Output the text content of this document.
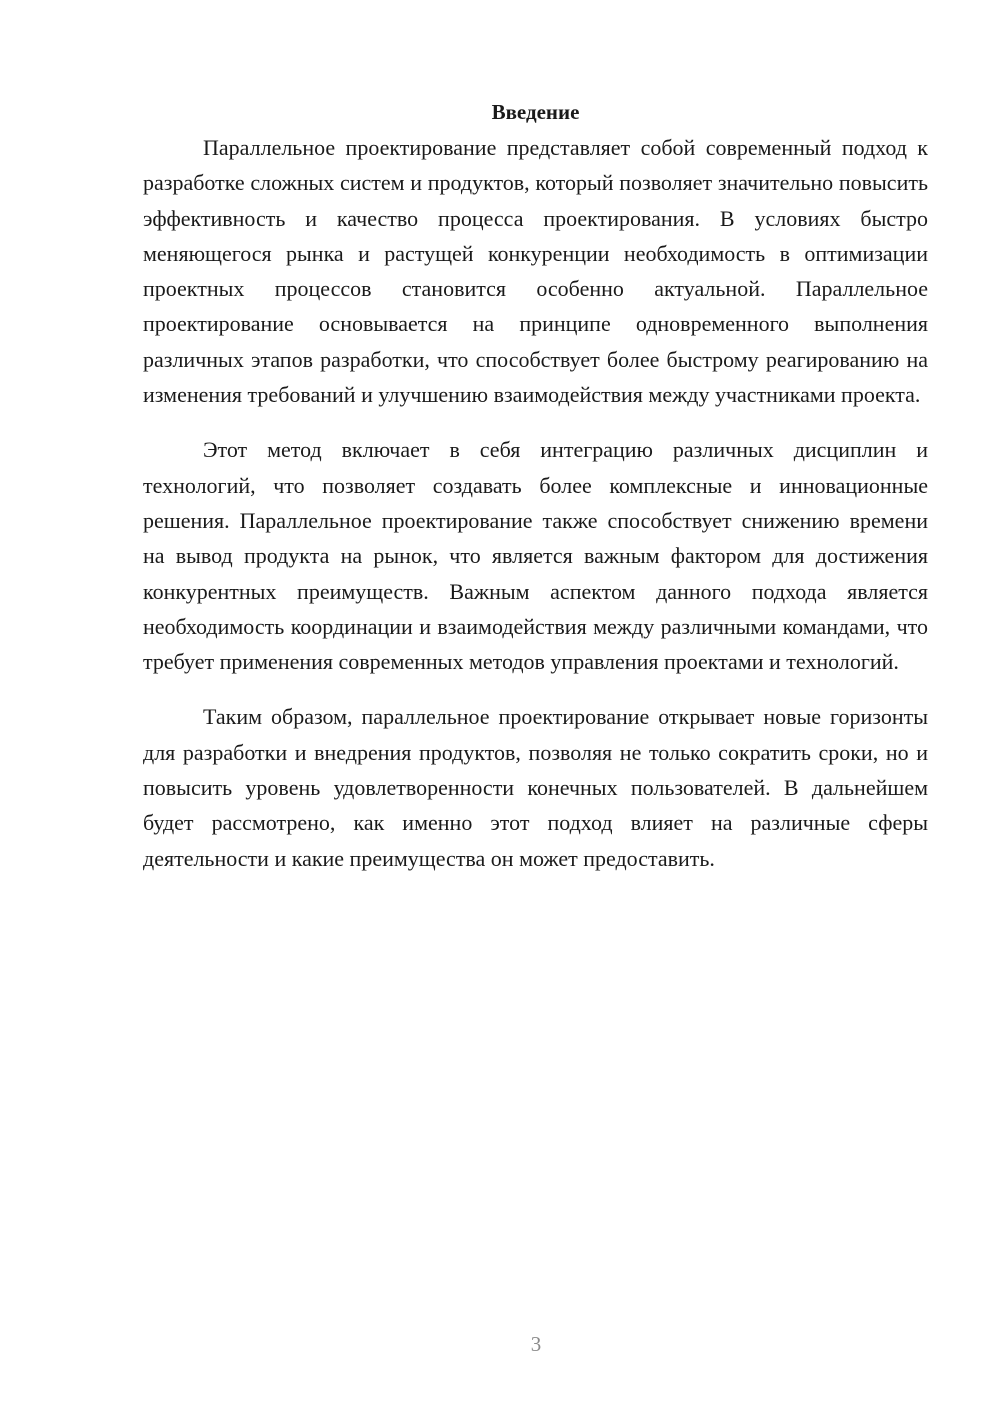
Введение

Параллельное проектирование представляет собой современный подход к разработке сложных систем и продуктов, который позволяет значительно повысить эффективность и качество процесса проектирования. В условиях быстро меняющегося рынка и растущей конкуренции необходимость в оптимизации проектных процессов становится особенно актуальной. Параллельное проектирование основывается на принципе одновременного выполнения различных этапов разработки, что способствует более быстрому реагированию на изменения требований и улучшению взаимодействия между участниками проекта.

Этот метод включает в себя интеграцию различных дисциплин и технологий, что позволяет создавать более комплексные и инновационные решения. Параллельное проектирование также способствует снижению времени на вывод продукта на рынок, что является важным фактором для достижения конкурентных преимуществ. Важным аспектом данного подхода является необходимость координации и взаимодействия между различными командами, что требует применения современных методов управления проектами и технологий.

Таким образом, параллельное проектирование открывает новые горизонты для разработки и внедрения продуктов, позволяя не только сократить сроки, но и повысить уровень удовлетворенности конечных пользователей. В дальнейшем будет рассмотрено, как именно этот подход влияет на различные сферы деятельности и какие преимущества он может предоставить.

3
